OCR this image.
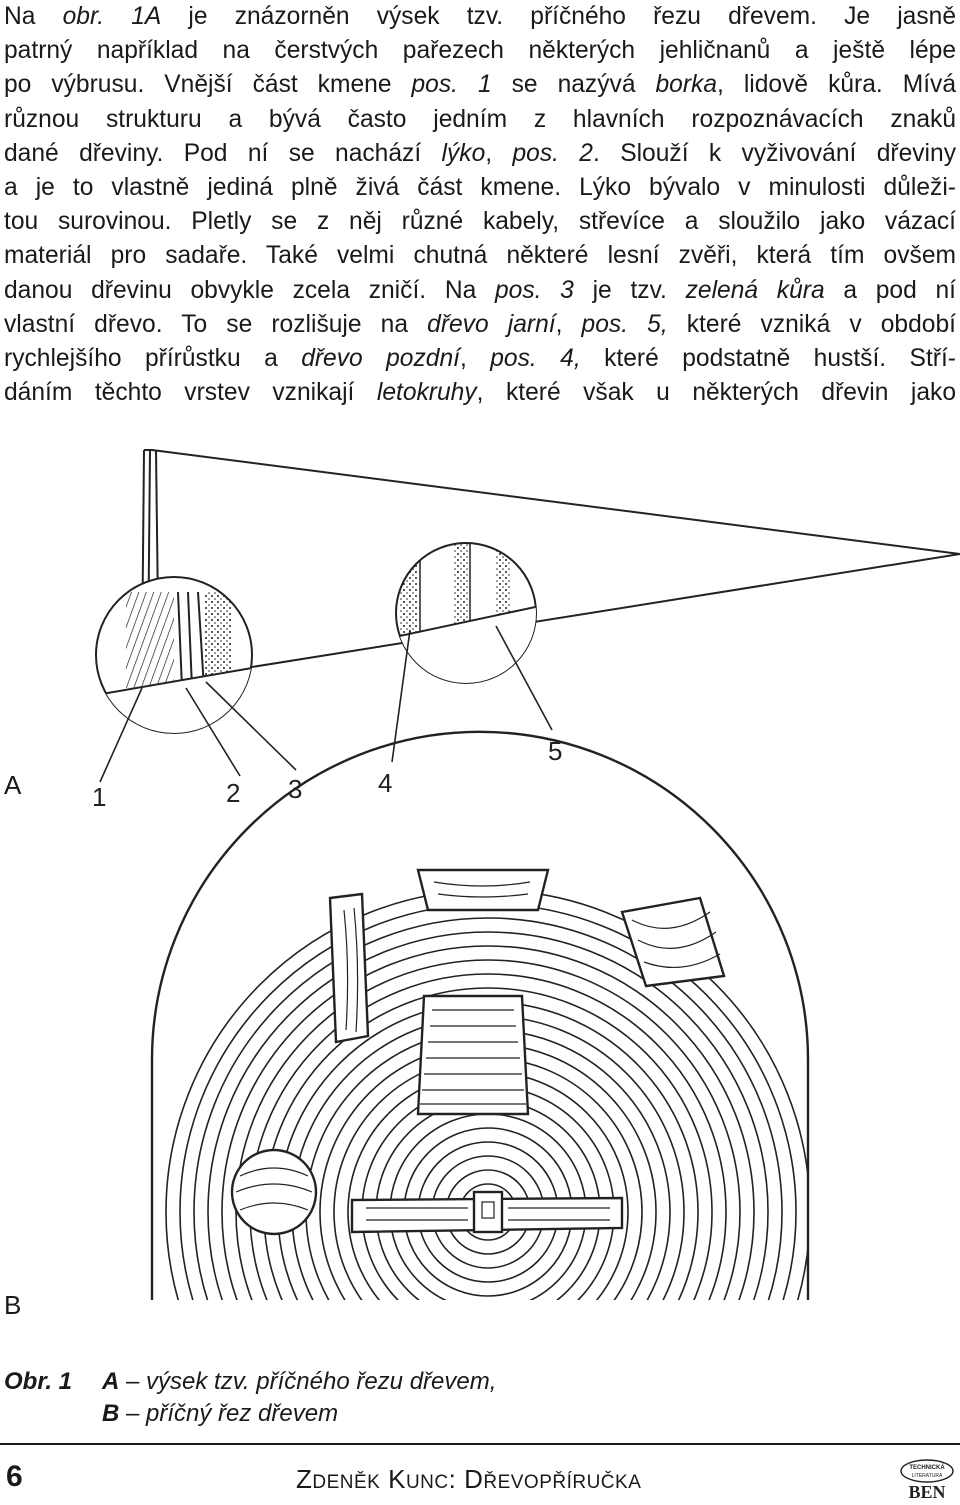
Na obr. 1A je znázorněn výsek tzv. příčného řezu dřevem. Je jasně
patrný například na čerstvých pařezech některých jehličnanů a ještě lépe
po výbrusu. Vnější část kmene pos. 1 se nazývá borka, lidově kůra. Mívá
různou strukturu a bývá často jedním z hlavních rozpoznávacích znaků
dané dřeviny. Pod ní se nachází lýko, pos. 2. Slouží k vyživování dřeviny
a je to vlastně jediná plně živá část kmene. Lýko bývalo v minulosti důleži-
tou surovinou. Pletly se z něj různé kabely, střevíce a sloužilo jako vázací
materiál pro sadaře. Také velmi chutná některé lesní zvěři, která tím ovšem
danou dřevinu obvykle zcela zničí. Na pos. 3 je tzv. zelená kůra a pod ní
vlastní dřevo. To se rozlišuje na dřevo jarní, pos. 5, které vzniká v období
rychlejšího přírůstku a dřevo pozdní, pos. 4, které podstatně hustší. Stří-
dáním těchto vrstev vznikají letokruhy, které však u některých dřevin jako
1	2 3	4
5
A
B
Obr. 1 A – výsek tzv. příčného řezu dřevem,
B – příčný řez dřevem
6	ZDENĚK KUNC: DŘEVOPŘÍRUČKA
TECHNICKÁ
LITERATURA
BEN
